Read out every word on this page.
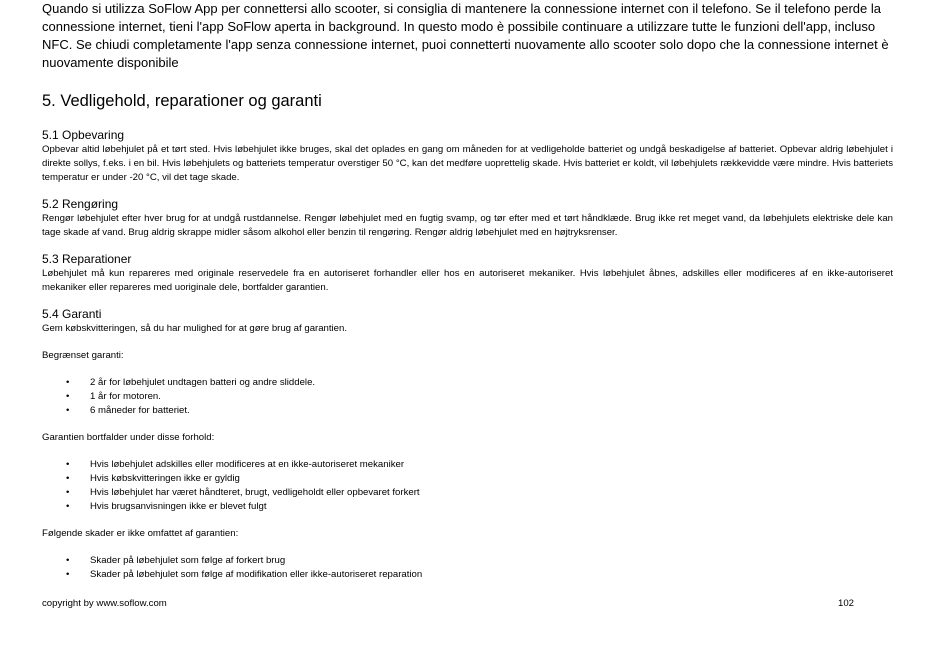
Quando si utilizza SoFlow App per connettersi allo scooter, si consiglia di mantenere la connessione internet con il telefono. Se il telefono perde la connessione internet, tieni l'app SoFlow aperta in background. In questo modo è possibile continuare a utilizzare tutte le funzioni dell'app, incluso NFC. Se chiudi completamente l'app senza connessione internet, puoi connetterti nuovamente allo scooter solo dopo che la connessione internet è nuovamente disponibile

5. Vedligehold, reparationer og garanti
5.1 Opbevaring

Opbevar altid løbehjulet på et tørt sted. Hvis løbehjulet ikke bruges, skal det oplades en gang om måneden for at vedligeholde batteriet og undgå beskadigelse af batteriet. Opbevar aldrig løbehjulet i direkte sollys, f.eks. i en bil. Hvis løbehjulets og batteriets temperatur overstiger 50 °C, kan det medføre uoprettelig skade. Hvis batteriet er koldt, vil løbehjulets rækkevidde være mindre. Hvis batteriets temperatur er under -20 °C, vil det tage skade.

5.2 Rengøring

Rengør løbehjulet efter hver brug for at undgå rustdannelse. Rengør løbehjulet med en fugtig svamp, og tør efter med et tørt håndklæde. Brug ikke ret meget vand, da løbehjulets elektriske dele kan tage skade af vand. Brug aldrig skrappe midler såsom alkohol eller benzin til rengøring. Rengør aldrig løbehjulet med en højtryksrenser.

5.3 Reparationer

Løbehjulet må kun repareres med originale reservedele fra en autoriseret forhandler eller hos en autoriseret mekaniker. Hvis løbehjulet åbnes, adskilles eller modificeres af en ikke-autoriseret mekaniker eller repareres med uoriginale dele, bortfalder garantien.

5.4 Garanti

Gem købskvitteringen, så du har mulighed for at gøre brug af garantien.

Begrænset garanti:

• 2 år for løbehjulet undtagen batteri og andre sliddele.
• 1 år for motoren.
• 6 måneder for batteriet.

Garantien bortfalder under disse forhold:

• Hvis løbehjulet adskilles eller modificeres at en ikke-autoriseret mekaniker
• Hvis købskvitteringen ikke er gyldig
• Hvis løbehjulet har været håndteret, brugt, vedligeholdt eller opbevaret forkert
• Hvis brugsanvisningen ikke er blevet fulgt

Følgende skader er ikke omfattet af garantien:

• Skader på løbehjulet som følge af forkert brug
• Skader på løbehjulet som følge af modifikation eller ikke-autoriseret reparation
copyright by www.soflow.com	102
